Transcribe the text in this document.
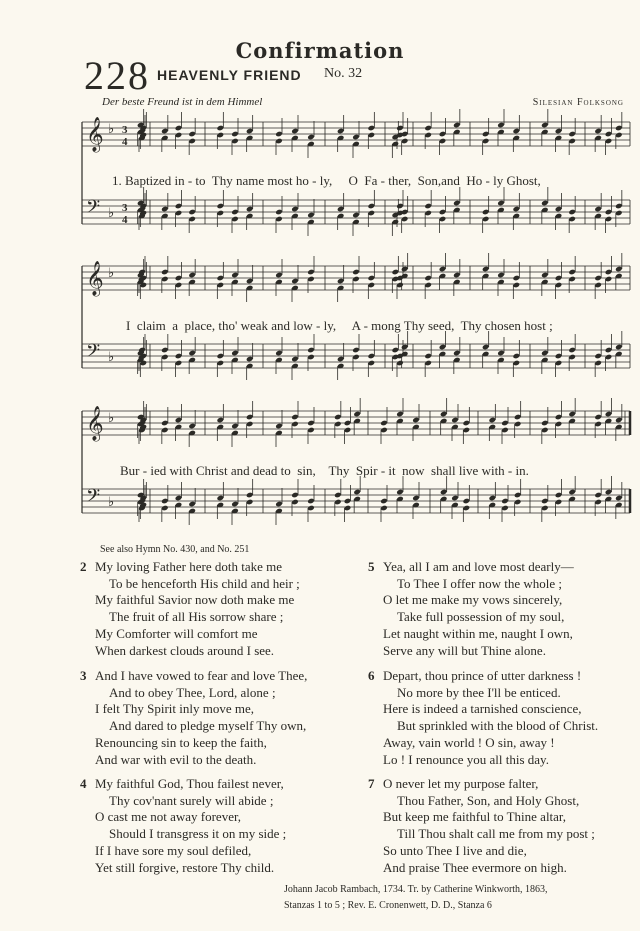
Confirmation
228 HEAVENLY FRIEND No. 32
Der beste Freund ist in dem Himmel	Silesian Folksong
𝄞 ♭ 3
4
𝄢 ♭ 3
4
𝄞 ♭
𝄢 ♭
𝄞 ♭
𝄢 ♭
1. Baptized in - to  Thy name most ho - ly,     O  Fa - ther,  Son,and  Ho - ly Ghost,
I  claim  a  place, tho' weak and low - ly,     A - mong Thy seed,  Thy chosen host ;
Bur - ied with Christ and dead to  sin,    Thy  Spir - it  now  shall live with - in.
See also Hymn No. 430, and No. 251
2 My loving Father here doth take me
To be henceforth His child and heir ;
My faithful Savior now doth make me
The fruit of all His sorrow share ;
My Comforter will comfort me
When darkest clouds around I see.
3 And I have vowed to fear and love Thee,
And to obey Thee, Lord, alone ;
I felt Thy Spirit inly move me,
And dared to pledge myself Thy own,
Renouncing sin to keep the faith,
And war with evil to the death.
4 My faithful God, Thou failest never,
Thy cov'nant surely will abide ;
O cast me not away forever,
Should I transgress it on my side ;
If I have sore my soul defiled,
Yet still forgive, restore Thy child.
5 Yea, all I am and love most dearly—
To Thee I offer now the whole ;
O let me make my vows sincerely,
Take full possession of my soul,
Let naught within me, naught I own,
Serve any will but Thine alone.
6 Depart, thou prince of utter darkness !
No more by thee I'll be enticed.
Here is indeed a tarnished conscience,
But sprinkled with the blood of Christ.
Away, vain world ! O sin, away !
Lo ! I renounce you all this day.
7 O never let my purpose falter,
Thou Father, Son, and Holy Ghost,
But keep me faithful to Thine altar,
Till Thou shalt call me from my post ;
So unto Thee I live and die,
And praise Thee evermore on high.
Johann Jacob Rambach, 1734. Tr. by Catherine Winkworth, 1863,
Stanzas 1 to 5 ; Rev. E. Cronenwett, D. D., Stanza 6
